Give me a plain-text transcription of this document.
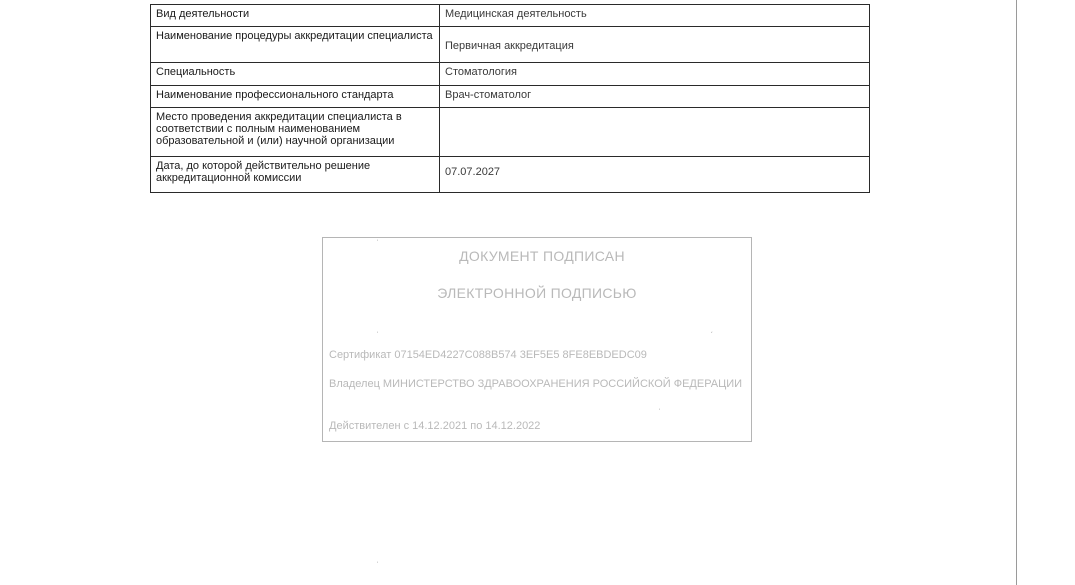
Вид деятельности	Медицинская деятельность
Наименование процедуры аккредитации специалиста	Первичная аккредитация
Специальность	Стоматология
Наименование профессионального стандарта	Врач-стоматолог
Место проведения аккредитации специалиста в соответствии с полным наименованием образовательной и (или) научной организации	
Дата, до которой действительно решение аккредитационной комиссии	07.07.2027
ДОКУМЕНТ ПОДПИСАН
ЭЛЕКТРОННОЙ ПОДПИСЬЮ
Сертификат 07154ED4227C088B574 3EF5E5 8FE8EBDEDC09
Владелец МИНИСТЕРСТВО ЗДРАВООХРАНЕНИЯ РОССИЙСКОЙ ФЕДЕРАЦИИ
Действителен с 14.12.2021 по 14.12.2022
ˈ
ˈ
ˏ
ˌ
ˈ
